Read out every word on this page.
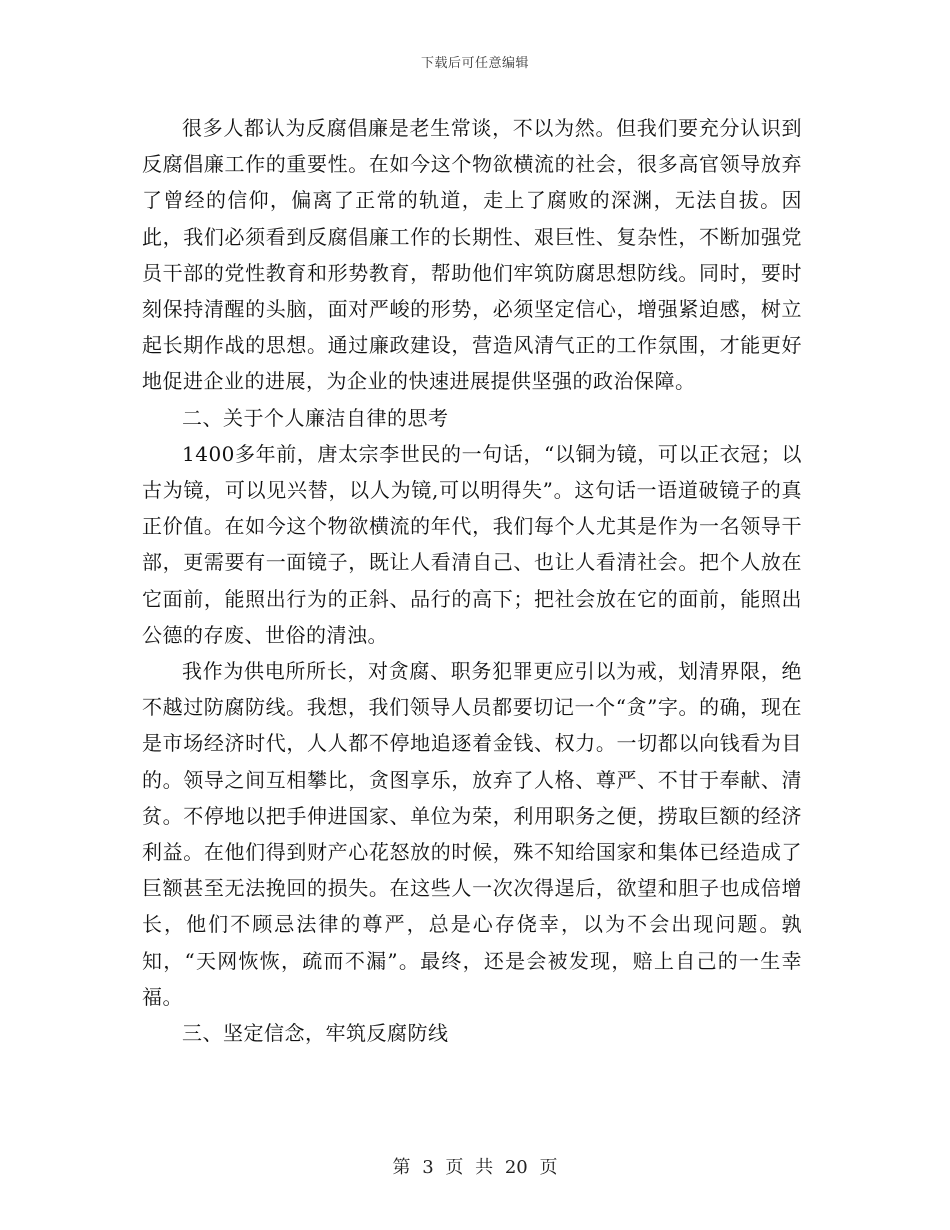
下载后可任意编辑

很多人都认为反腐倡廉是老生常谈，不以为然。但我们要充分认识到反腐倡廉工作的重要性。在如今这个物欲横流的社会，很多高官领导放弃了曾经的信仰，偏离了正常的轨道，走上了腐败的深渊，无法自拔。因此，我们必须看到反腐倡廉工作的长期性、艰巨性、复杂性，不断加强党员干部的党性教育和形势教育，帮助他们牢筑防腐思想防线。同时，要时刻保持清醒的头脑，面对严峻的形势，必须坚定信心，增强紧迫感，树立起长期作战的思想。通过廉政建设，营造风清气正的工作氛围，才能更好地促进企业的进展，为企业的快速进展提供坚强的政治保障。

二、关于个人廉洁自律的思考

1400多年前，唐太宗李世民的一句话，“以铜为镜，可以正衣冠；以古为镜，可以见兴替，以人为镜,可以明得失”。这句话一语道破镜子的真正价值。在如今这个物欲横流的年代，我们每个人尤其是作为一名领导干部，更需要有一面镜子，既让人看清自己、也让人看清社会。把个人放在它面前，能照出行为的正斜、品行的高下；把社会放在它的面前，能照出公德的存废、世俗的清浊。

我作为供电所所长，对贪腐、职务犯罪更应引以为戒，划清界限，绝不越过防腐防线。我想，我们领导人员都要切记一个“贪”字。的确，现在是市场经济时代，人人都不停地追逐着金钱、权力。一切都以向钱看为目的。领导之间互相攀比，贪图享乐，放弃了人格、尊严、不甘于奉献、清贫。不停地以把手伸进国家、单位为荣，利用职务之便，捞取巨额的经济利益。在他们得到财产心花怒放的时候，殊不知给国家和集体已经造成了巨额甚至无法挽回的损失。在这些人一次次得逞后，欲望和胆子也成倍增长，他们不顾忌法律的尊严，总是心存侥幸，以为不会出现问题。孰知，“天网恢恢，疏而不漏”。最终，还是会被发现，赔上自己的一生幸福。

三、坚定信念，牢筑反腐防线

第 3 页 共 20 页
